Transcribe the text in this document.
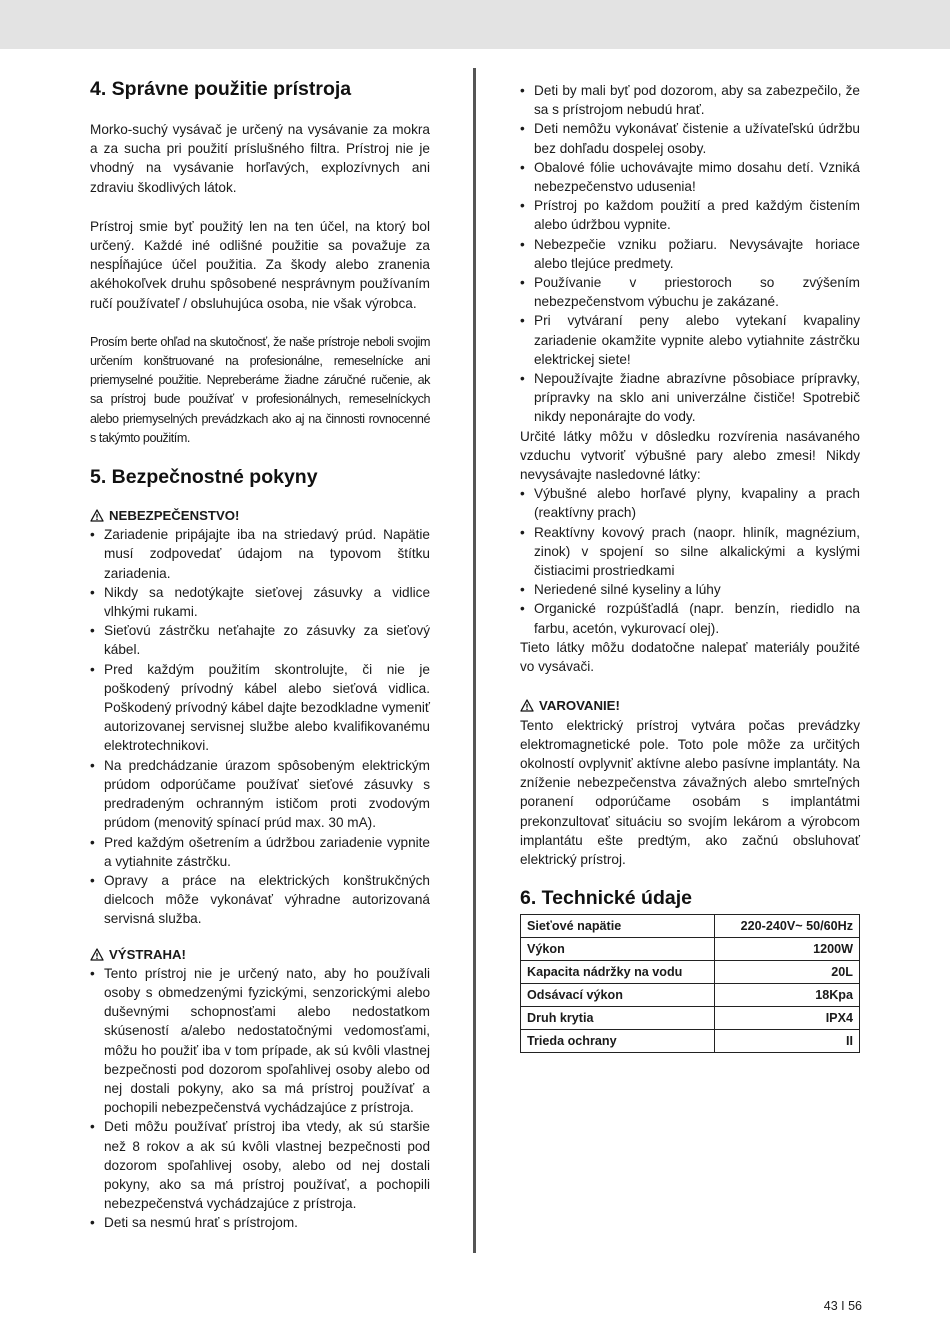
4. Správne použitie prístroja

Morko-suchý vysávač je určený na vysávanie za mokra a za sucha pri použití príslušného filtra. Prístroj nie je vhodný na vysávanie horľavých, explozívnych ani zdraviu škodlivých látok.

Prístroj smie byť použitý len na ten účel, na ktorý bol určený. Každé iné odlišné použitie sa považuje za nespĺňajúce účel použitia. Za škody alebo zranenia akéhokoľvek druhu spôsobené nesprávnym používaním ručí používateľ / obsluhujúca osoba, nie však výrobca.

Prosím berte ohľad na skutočnosť, že naše prístroje neboli svojim určením konštruované na profesionálne, remeselnícke ani priemyselné použitie. Nepreberáme žiadne záručné ručenie, ak sa prístroj bude používať v profesionálnych, remeselníckych alebo priemyselných prevádzkach ako aj na činnosti rovnocenné s takýmto použitím.

5. Bezpečnostné pokyny
NEBEZPEČENSTVO!
• Zariadenie pripájajte iba na striedavý prúd. Napätie musí zodpovedať údajom na typovom štítku zariadenia.
• Nikdy sa nedotýkajte sieťovej zásuvky a vidlice vlhkými rukami.
• Sieťovú zástrčku neťahajte zo zásuvky za sieťový kábel.
• Pred každým použitím skontrolujte, či nie je poškodený prívodný kábel alebo sieťová vidlica. Poškodený prívodný kábel dajte bezodkladne vymeniť autorizovanej servisnej službe alebo kvalifikovanému elektrotechnikovi.
• Na predchádzanie úrazom spôsobeným elektrickým prúdom odporúčame používať sieťové zásuvky s predradeným ochranným ističom proti zvodovým prúdom (menovitý spínací prúd max. 30 mA).
• Pred každým ošetrením a údržbou zariadenie vypnite a vytiahnite zástrčku.
• Opravy a práce na elektrických konštrukčných dielcoch môže vykonávať výhradne autorizovaná servisná služba.
VÝSTRAHA!
• Tento prístroj nie je určený nato, aby ho používali osoby s obmedzenými fyzickými, senzorickými alebo duševnými schopnosťami alebo nedostatkom skúseností a/alebo nedostatočnými vedomosťami, môžu ho použiť iba v tom prípade, ak sú kvôli vlastnej bezpečnosti pod dozorom spoľahlivej osoby alebo od nej dostali pokyny, ako sa má prístroj používať a pochopili nebezpečenstvá vychádzajúce z prístroja.
• Deti môžu používať prístroj iba vtedy, ak sú staršie než 8 rokov a ak sú kvôli vlastnej bezpečnosti pod dozorom spoľahlivej osoby, alebo od nej dostali pokyny, ako sa má prístroj používať, a pochopili nebezpečenstvá vychádzajúce z prístroja.
• Deti sa nesmú hrať s prístrojom.
• Deti by mali byť pod dozorom, aby sa zabezpečilo, že sa s prístrojom nebudú hrať.
• Deti nemôžu vykonávať čistenie a užívateľskú údržbu bez dohľadu dospelej osoby.
• Obalové fólie uchovávajte mimo dosahu detí. Vzniká nebezpečenstvo udusenia!
• Prístroj po každom použití a pred každým čistením alebo údržbou vypnite.
• Nebezpečie vzniku požiaru. Nevysávajte horiace alebo tlejúce predmety.
• Používanie v priestoroch so zvýšením nebezpečenstvom výbuchu je zakázané.
• Pri vytváraní peny alebo vytekaní kvapaliny zariadenie okamžite vypnite alebo vytiahnite zástrčku elektrickej siete!
• Nepoužívajte žiadne abrazívne pôsobiace prípravky, prípravky na sklo ani univerzálne čističe! Spotrebič nikdy neponárajte do vody.

Určité látky môžu v dôsledku rozvírenia nasávaného vzduchu vytvoriť výbušné pary alebo zmesi! Nikdy nevysávajte nasledovné látky:

• Výbušné alebo horľavé plyny, kvapaliny a prach (reaktívny prach)
• Reaktívny kovový prach (naopr. hliník, magnézium, zinok) v spojení so silne alkalickými a kyslými čistiacimi prostriedkami
• Neriedené silné kyseliny a lúhy
• Organické rozpúšťadlá (napr. benzín, riedidlo na farbu, acetón, vykurovací olej).

Tieto látky môžu dodatočne nalepať materiály použité vo vysávači.

VAROVANIE!

Tento elektrický prístroj vytvára počas prevádzky elektromagnetické pole. Toto pole môže za určitých okolností ovplyvniť aktívne alebo pasívne implantáty. Na zníženie nebezpečenstva závažných alebo smrteľných poranení odporúčame osobám s implantátmi prekonzultovať situáciu so svojím lekárom a výrobcom implantátu ešte predtým, ako začnú obsluhovať elektrický prístroj.

6. Technické údaje
Sieťové napätie	220-240V~ 50/60Hz
Výkon	1200W
Kapacita nádržky na vodu	20L
Odsávací výkon	18Kpa
Druh krytia	IPX4
Trieda ochrany	II
43 I 56
